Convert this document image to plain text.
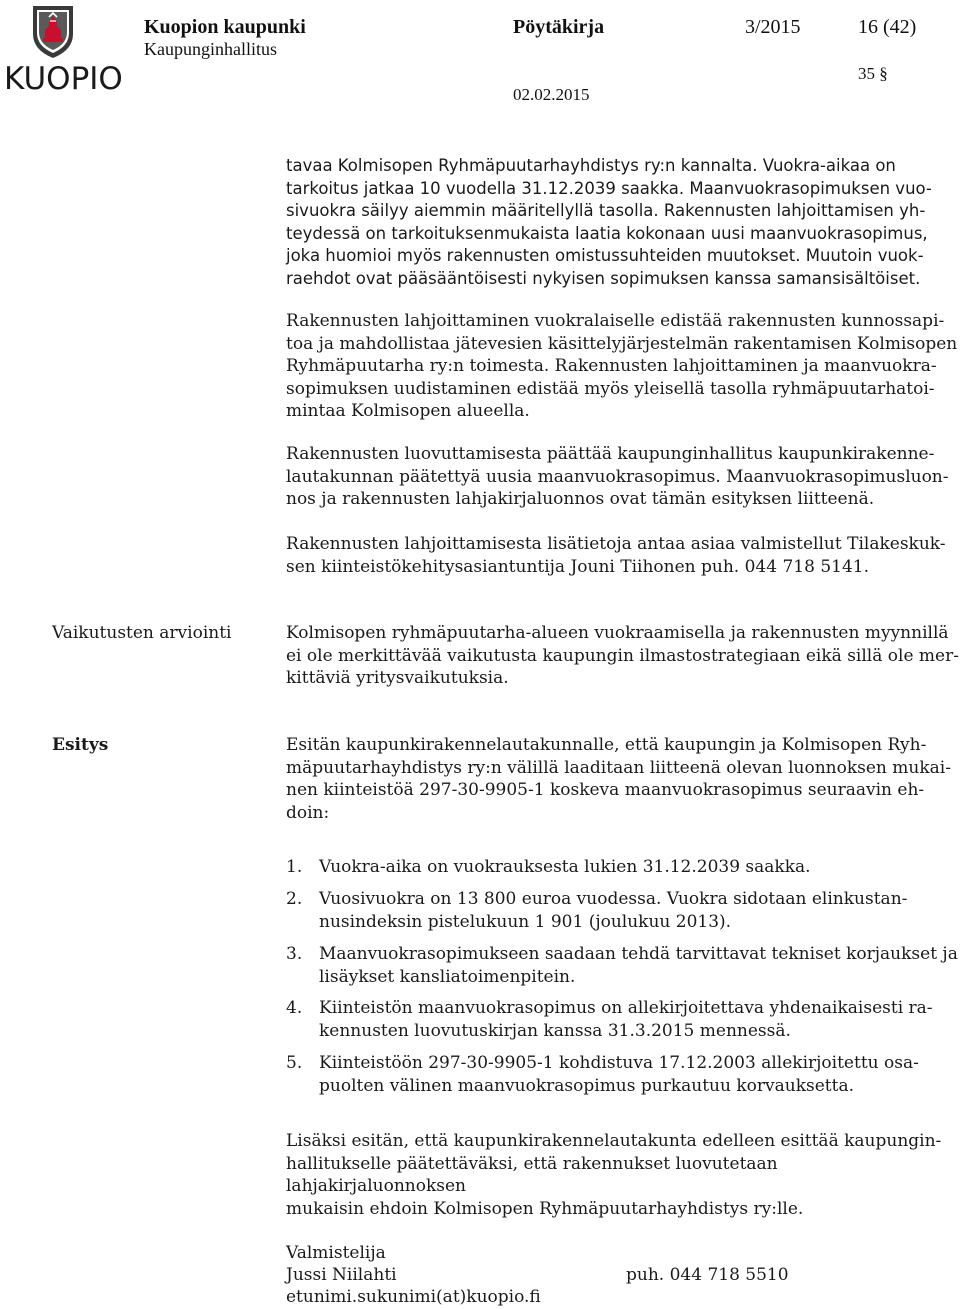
KUOPIO
Kuopion kaupunki
Kaupunginhallitus
Pöytäkirja	3/2015	16 (42)
35 §
02.02.2015
tavaa Kolmisopen Ryhmäpuutarhayhdistys ry:n kannalta. Vuokra-aikaa on
tarkoitus jatkaa 10 vuodella 31.12.2039 saakka. Maanvuokrasopimuksen vuo-
sivuokra säilyy aiemmin määritellyllä tasolla. Rakennusten lahjoittamisen yh-
teydessä on tarkoituksenmukaista laatia kokonaan uusi maanvuokrasopimus,
joka huomioi myös rakennusten omistussuhteiden muutokset. Muutoin vuok-
raehdot ovat pääsääntöisesti nykyisen sopimuksen kanssa samansisältöiset.
Rakennusten lahjoittaminen vuokralaiselle edistää rakennusten kunnossapi-
toa ja mahdollistaa jätevesien käsittelyjärjestelmän rakentamisen Kolmisopen
Ryhmäpuutarha ry:n toimesta. Rakennusten lahjoittaminen ja maanvuokra-
sopimuksen uudistaminen edistää myös yleisellä tasolla ryhmäpuutarhatoi-
mintaa Kolmisopen alueella.
Rakennusten luovuttamisesta päättää kaupunginhallitus kaupunkirakenne-
lautakunnan päätettyä uusia maanvuokrasopimus. Maanvuokrasopimusluon-
nos ja rakennusten lahjakirjaluonnos ovat tämän esityksen liitteenä.
Rakennusten lahjoittamisesta lisätietoja antaa asiaa valmistellut Tilakeskuk-
sen kiinteistökehitysasiantuntija Jouni Tiihonen puh. 044 718 5141.
Vaikutusten arviointi	Kolmisopen ryhmäpuutarha-alueen vuokraamisella ja rakennusten myynnillä
ei ole merkittävää vaikutusta kaupungin ilmastostrategiaan eikä sillä ole mer-
kittäviä yritysvaikutuksia.
Esitys	Esitän kaupunkirakennelautakunnalle, että kaupungin ja Kolmisopen Ryh-
mäpuutarhayhdistys ry:n välillä laaditaan liitteenä olevan luonnoksen mukai-
nen kiinteistöä 297-30-9905-1 koskeva maanvuokrasopimus seuraavin eh-
doin:
1. Vuokra-aika on vuokrauksesta lukien 31.12.2039 saakka.
2. Vuosivuokra on 13 800 euroa vuodessa. Vuokra sidotaan elinkustan-
nusindeksin pistelukuun 1 901 (joulukuu 2013).
3. Maanvuokrasopimukseen saadaan tehdä tarvittavat tekniset korjaukset ja
lisäykset kansliatoimenpitein.
4. Kiinteistön maanvuokrasopimus on allekirjoitettava yhdenaikaisesti ra-
kennusten luovutuskirjan kanssa 31.3.2015 mennessä.
5. Kiinteistöön 297-30-9905-1 kohdistuva 17.12.2003 allekirjoitettu osa-
puolten välinen maanvuokrasopimus purkautuu korvauksetta.
Lisäksi esitän, että kaupunkirakennelautakunta edelleen esittää kaupungin-
hallitukselle päätettäväksi, että rakennukset luovutetaan lahjakirjaluonnoksen
mukaisin ehdoin Kolmisopen Ryhmäpuutarhayhdistys ry:lle.
Valmistelija
Jussi Niilahti	puh. 044 718 5510
etunimi.sukunimi(at)kuopio.fi
